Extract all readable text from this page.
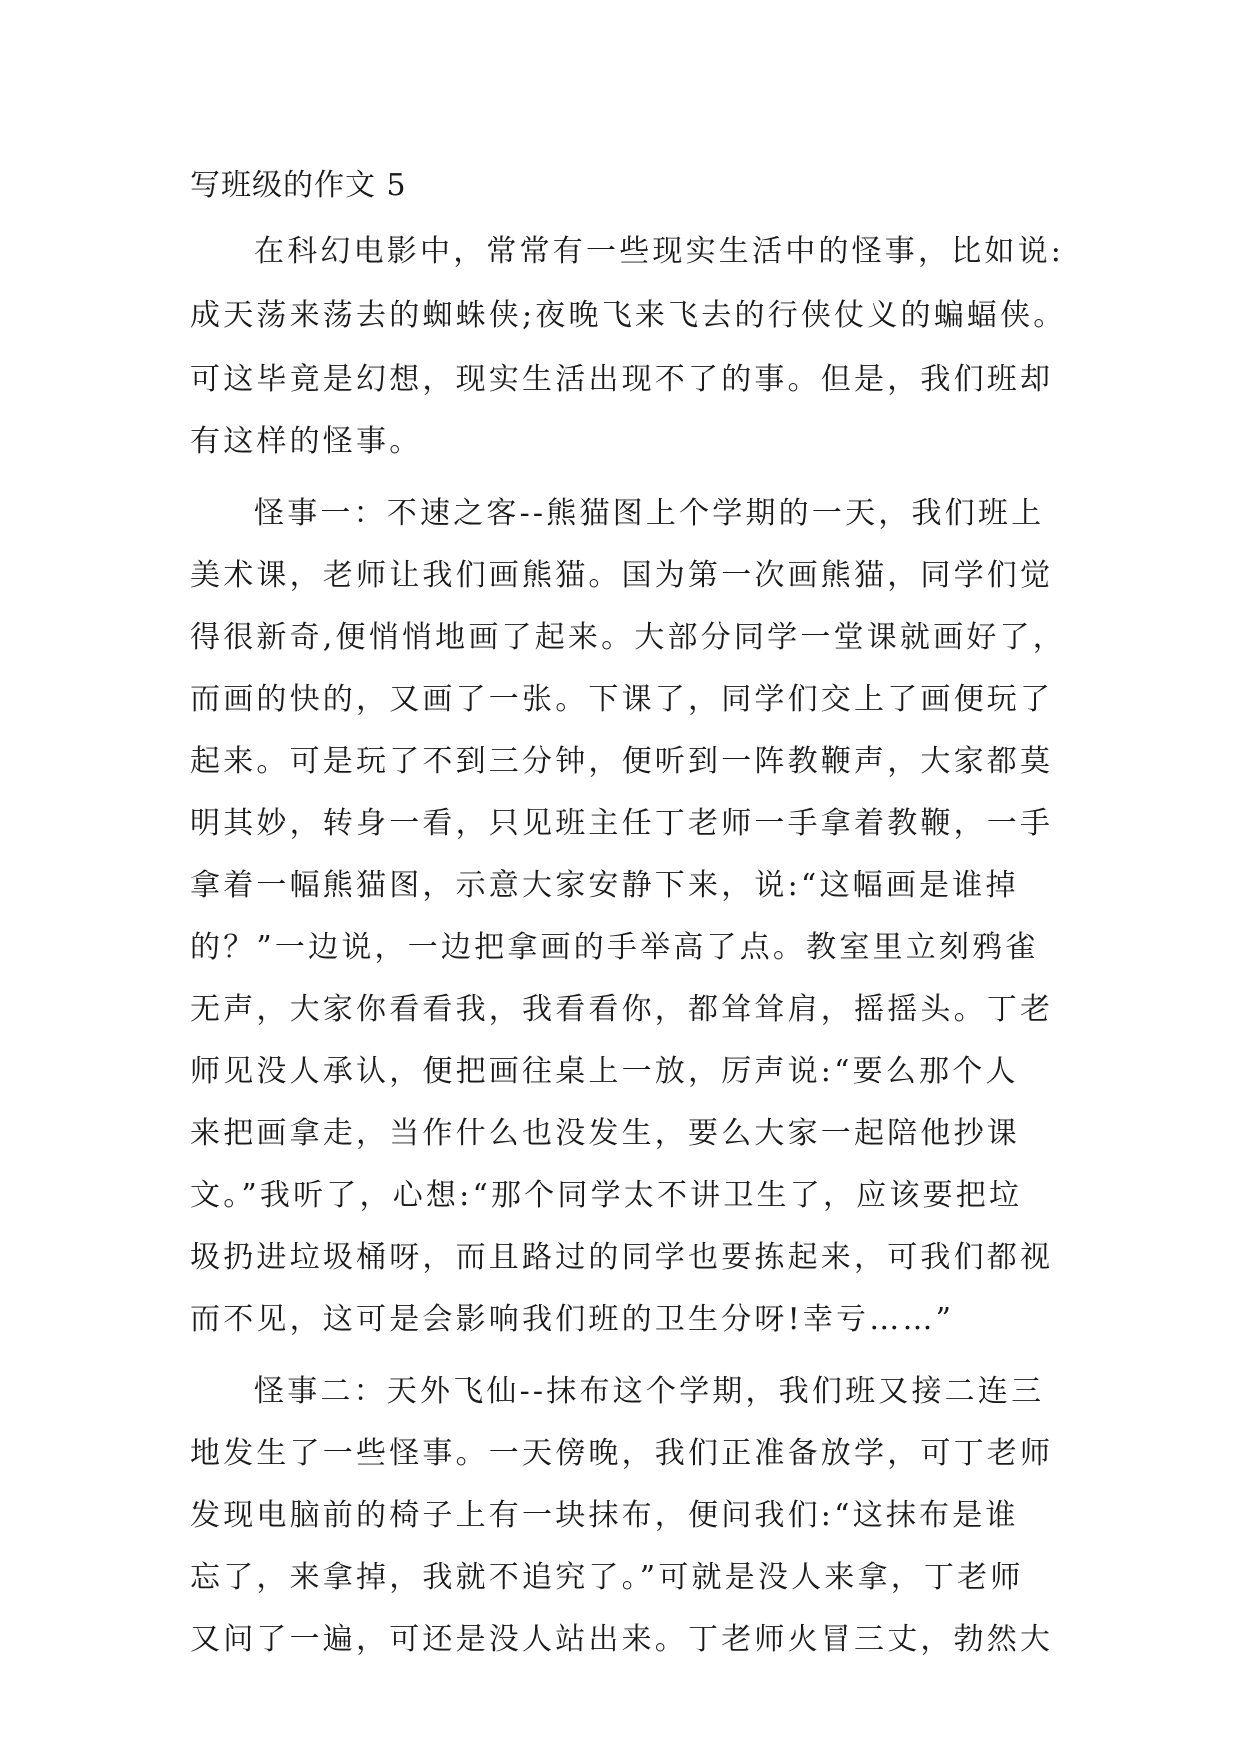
写班级的作文 5
在科幻电影中，常常有一些现实生活中的怪事，比如说:
成天荡来荡去的蜘蛛侠;夜晚飞来飞去的行侠仗义的蝙蝠侠。
可这毕竟是幻想，现实生活出现不了的事。但是，我们班却
有这样的怪事。
怪事一：不速之客--熊猫图上个学期的一天，我们班上
美术课，老师让我们画熊猫。国为第一次画熊猫，同学们觉
得很新奇,便悄悄地画了起来。大部分同学一堂课就画好了，
而画的快的，又画了一张。下课了，同学们交上了画便玩了
起来。可是玩了不到三分钟，便听到一阵教鞭声，大家都莫
明其妙，转身一看，只见班主任丁老师一手拿着教鞭，一手
拿着一幅熊猫图，示意大家安静下来，说:“这幅画是谁掉
的？”一边说，一边把拿画的手举高了点。教室里立刻鸦雀
无声，大家你看看我，我看看你，都耸耸肩，摇摇头。丁老
师见没人承认，便把画往桌上一放，厉声说:“要么那个人
来把画拿走，当作什么也没发生，要么大家一起陪他抄课
文。”我听了，心想:“那个同学太不讲卫生了，应该要把垃
圾扔进垃圾桶呀，而且路过的同学也要拣起来，可我们都视
而不见，这可是会影响我们班的卫生分呀!幸亏……”
怪事二：天外飞仙--抹布这个学期，我们班又接二连三
地发生了一些怪事。一天傍晚，我们正准备放学，可丁老师
发现电脑前的椅子上有一块抹布，便问我们:“这抹布是谁
忘了，来拿掉，我就不追究了。”可就是没人来拿，丁老师
又问了一遍，可还是没人站出来。丁老师火冒三丈，勃然大
